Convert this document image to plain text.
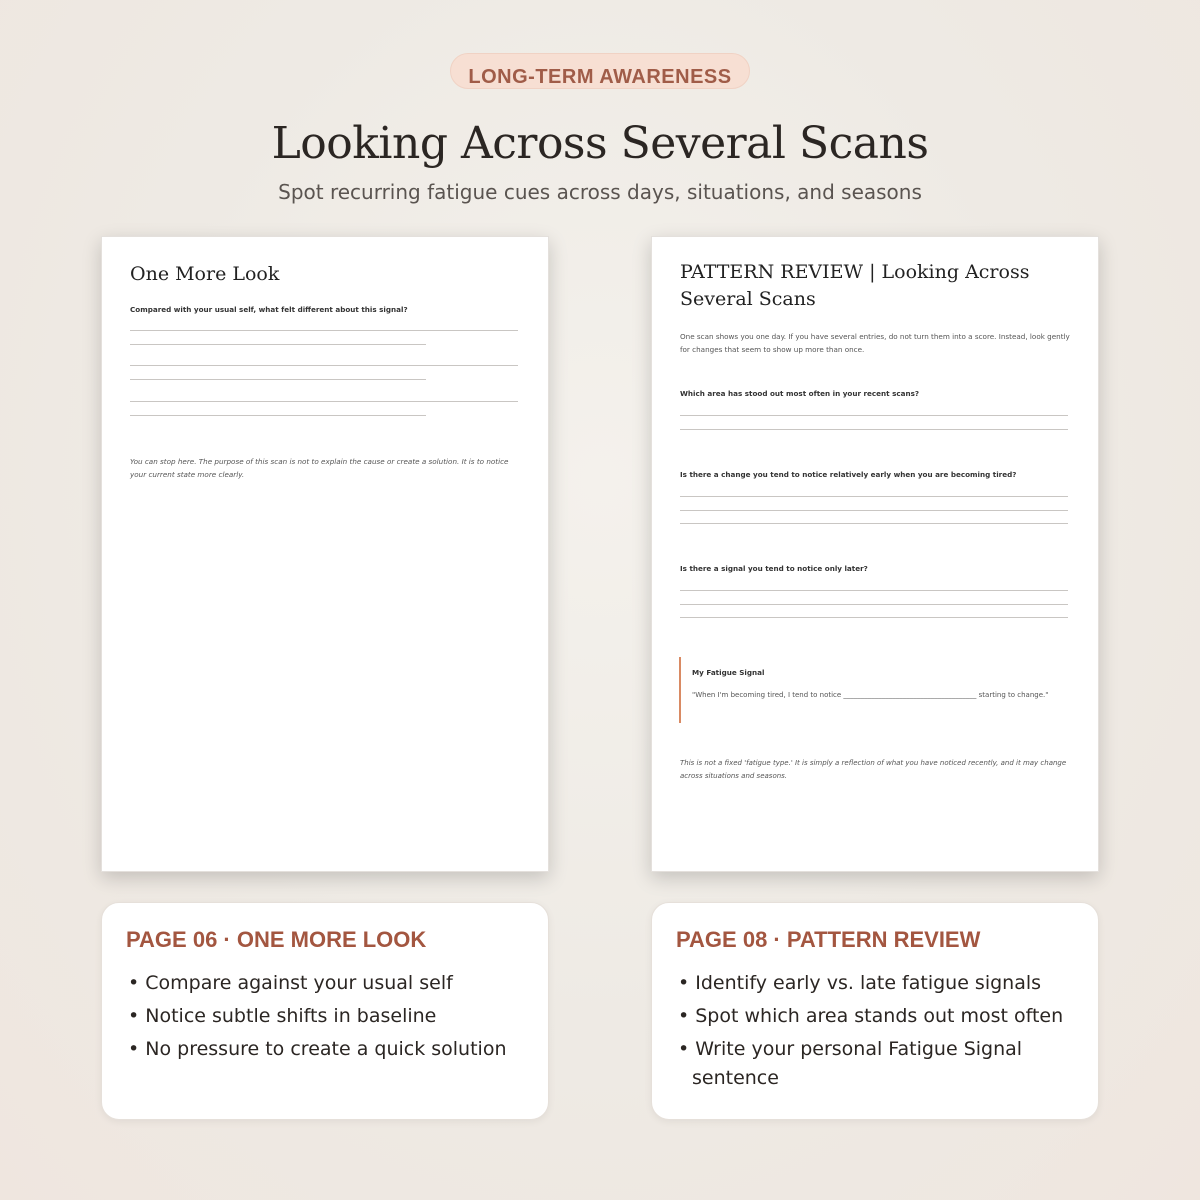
LONG-TERM AWARENESS
Looking Across Several Scans
Spot recurring fatigue cues across days, situations, and seasons
One More Look
Compared with your usual self, what felt different about this signal?
You can stop here. The purpose of this scan is not to explain the cause or create a solution. It is to notice your current state more clearly.
PATTERN REVIEW | Looking Across Several Scans
One scan shows you one day. If you have several entries, do not turn them into a score. Instead, look gently for changes that seem to show up more than once.
Which area has stood out most often in your recent scans?
Is there a change you tend to notice relatively early when you are becoming tired?
Is there a signal you tend to notice only later?
My Fatigue Signal
"When I'm becoming tired, I tend to notice ______________________________________ starting to change."
This is not a fixed 'fatigue type.' It is simply a reflection of what you have noticed recently, and it may change across situations and seasons.
PAGE 06 · ONE MORE LOOK
• Compare against your usual self
• Notice subtle shifts in baseline
• No pressure to create a quick solution
PAGE 08 · PATTERN REVIEW
• Identify early vs. late fatigue signals
• Spot which area stands out most often
• Write your personal Fatigue Signal sentence
